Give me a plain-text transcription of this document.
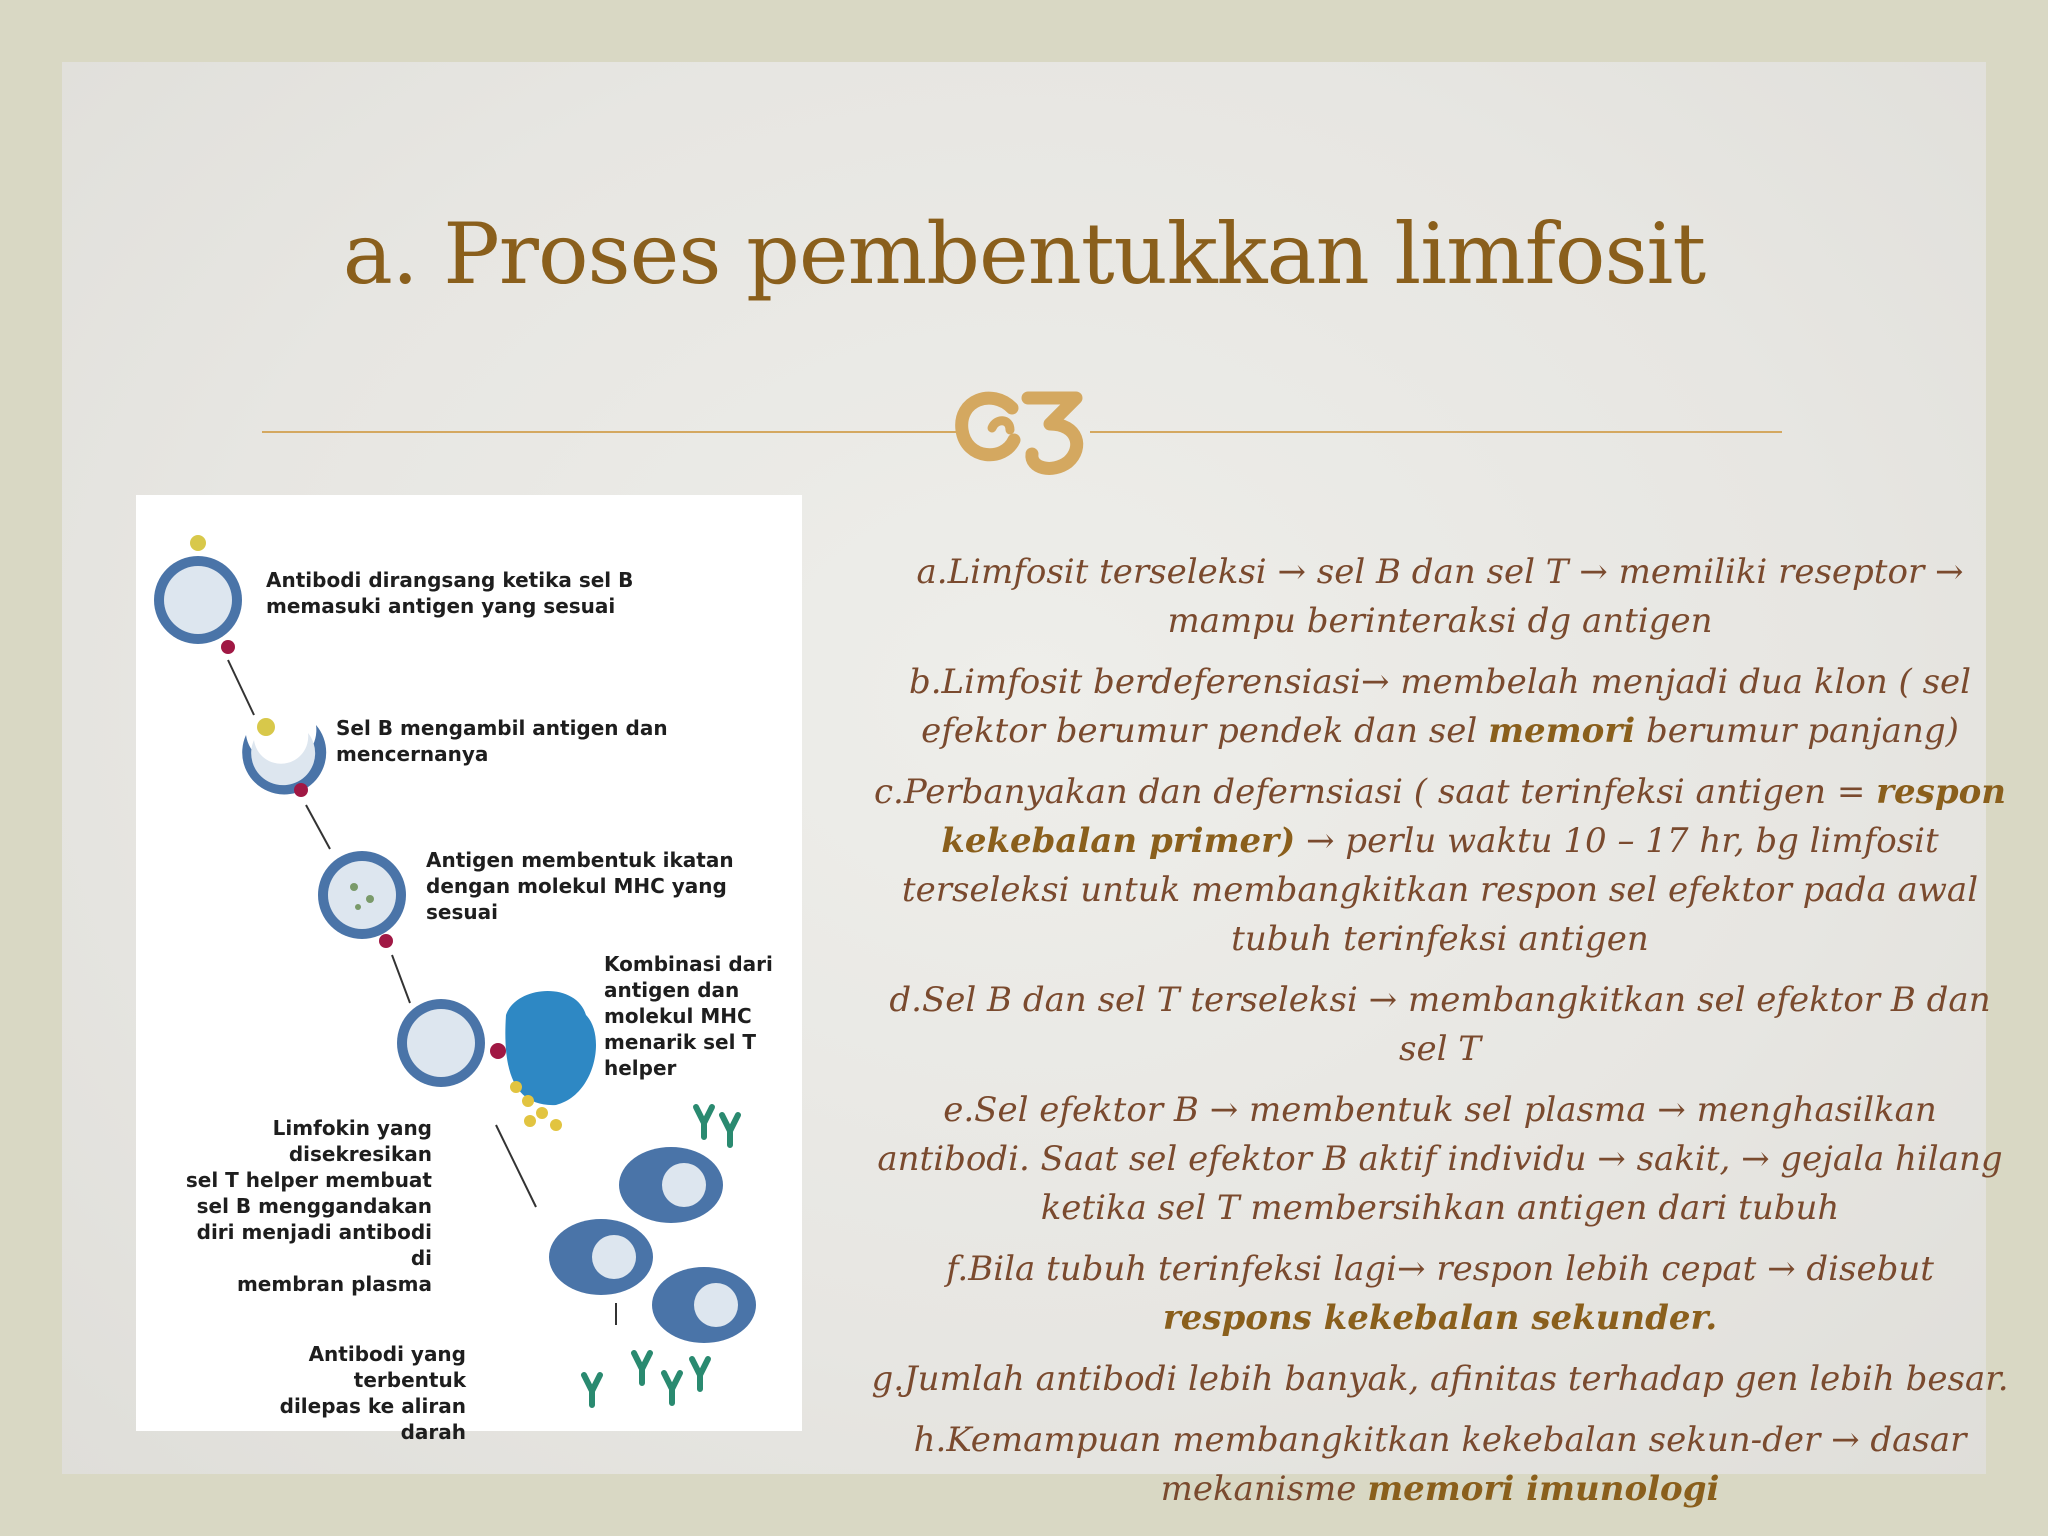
a. Proses pembentukkan limfosit
Antibodi dirangsang ketika sel B
memasuki antigen yang sesuai
Sel B mengambil antigen dan
mencernanya
Antigen membentuk ikatan
dengan molekul MHC yang
sesuai
Kombinasi dari
antigen dan
molekul MHC
menarik sel T
helper
Limfokin yang disekresikan
sel T helper membuat
sel B menggandakan
diri menjadi antibodi di
membran plasma
Antibodi yang terbentuk
dilepas ke aliran darah

a.Limfosit terseleksi → sel B dan sel T → memiliki reseptor →
mampu berinteraksi dg antigen

b.Limfosit berdeferensiasi→ membelah menjadi dua klon ( sel efektor berumur pendek dan sel memori berumur panjang)

c.Perbanyakan dan defernsiasi ( saat terinfeksi antigen = respon kekebalan primer) → perlu waktu 10 – 17 hr, bg limfosit terseleksi untuk membangkitkan respon sel efektor pada awal tubuh terinfeksi antigen

d.Sel B dan sel T terseleksi → membangkitkan sel efektor B dan sel T

e.Sel efektor B → membentuk sel plasma → menghasilkan antibodi. Saat sel efektor B aktif individu → sakit, → gejala hilang ketika sel T membersihkan antigen dari tubuh

f.Bila tubuh terinfeksi lagi→ respon lebih cepat → disebut respons kekebalan sekunder.

g.Jumlah antibodi lebih banyak, afinitas terhadap gen lebih besar.

h.Kemampuan membangkitkan kekebalan sekun-der → dasar mekanisme memori imunologi
